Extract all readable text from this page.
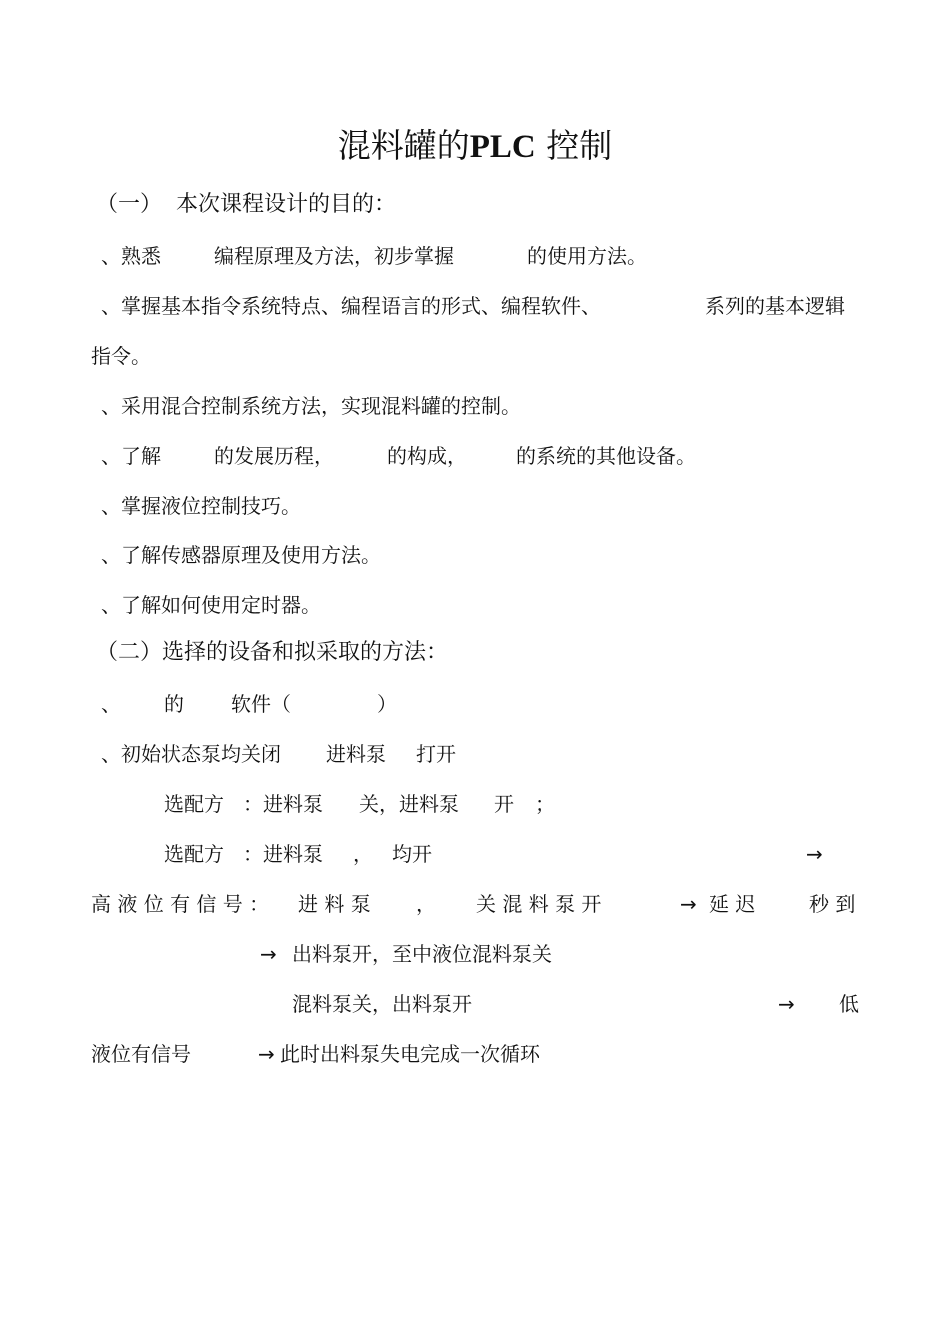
混料罐的PLC 控制
（一） 本次课程设计的目的：
、熟悉	编程原理及方法，初步掌握	的使用方法。
、掌握基本指令系统特点、编程语言的形式、编程软件、	系列的基本逻辑
指令。
、采用混合控制系统方法，实现混料罐的控制。
、了解	的发展历程，	的构成， 的系统的其他设备。
、掌握液位控制技巧。
、了解传感器原理及使用方法。
、了解如何使用定时器。
（二）选择的设备和拟采取的方法：
、 的 软件（	）
、初始状态泵均关闭 进料泵 打开
选配方 ：进料泵 关，进料泵 开 ；
选配方 ：进料泵 ， 均开	→
高 液 位 有 信 号 ： 进 料 泵 ， 关 混 料 泵 开	→ 延 迟	秒 到
→ 出料泵开，至中液位混料泵关
混料泵关，出料泵开	→ 低
液位有信号	→ 此时出料泵失电完成一次循环
